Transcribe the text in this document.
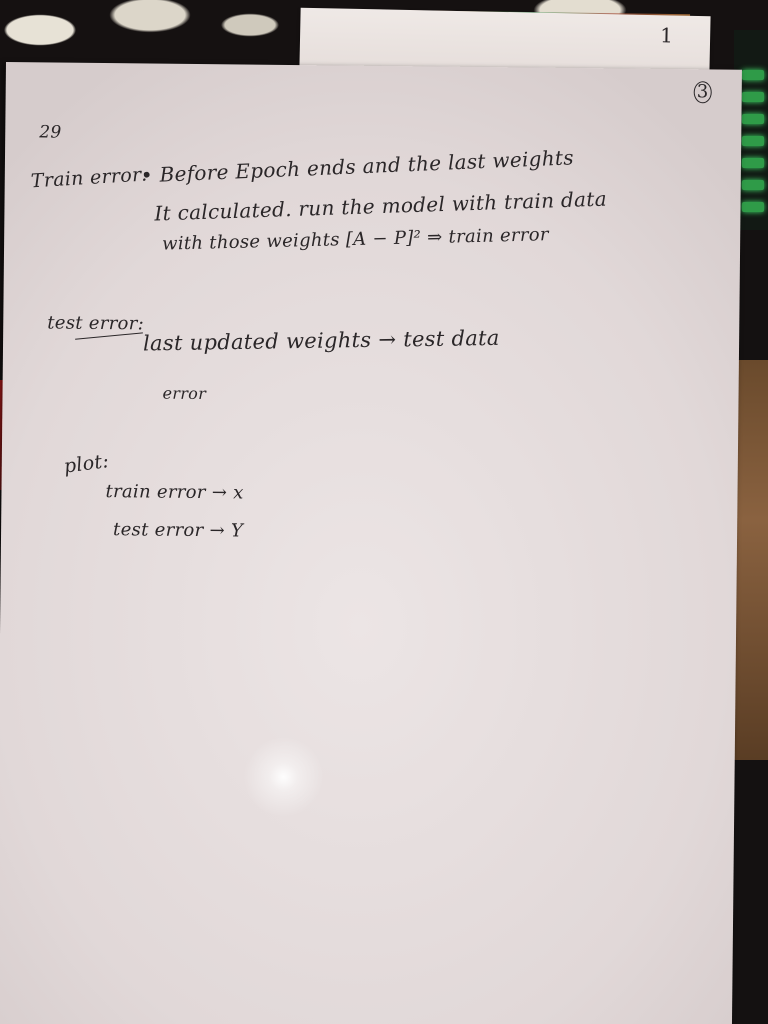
1
3
29
Train error:
• Before Epoch ends and the last weights
It calculated. run the model with train data
with those weights [A − P]² ⇒ train error
test error:
last updated weights → test data
error
plot:
train error → x
test error → Y
